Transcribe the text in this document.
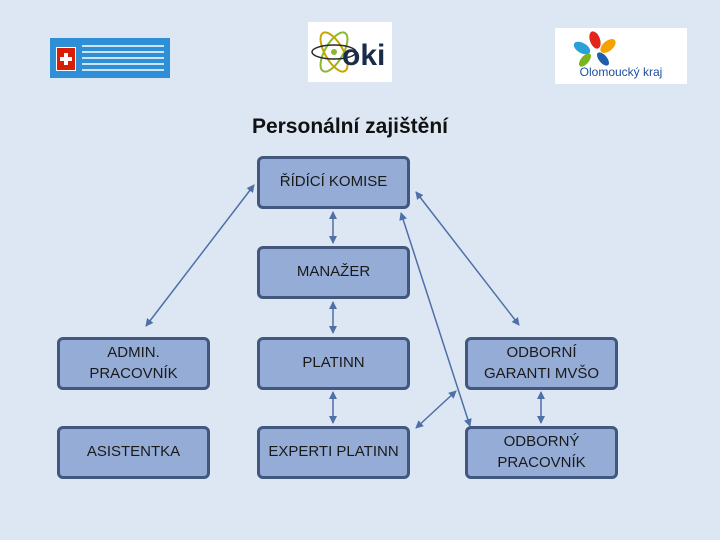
oki	Olomoucký kraj
Personální zajištění
ŘÍDÍCÍ KOMISE
MANAŽER
ADMIN. PRACOVNÍK
PLATINN
ODBORNÍ GARANTI MVŠO
ASISTENTKA	EXPERTI PLATINN
ODBORNÝ PRACOVNÍK
